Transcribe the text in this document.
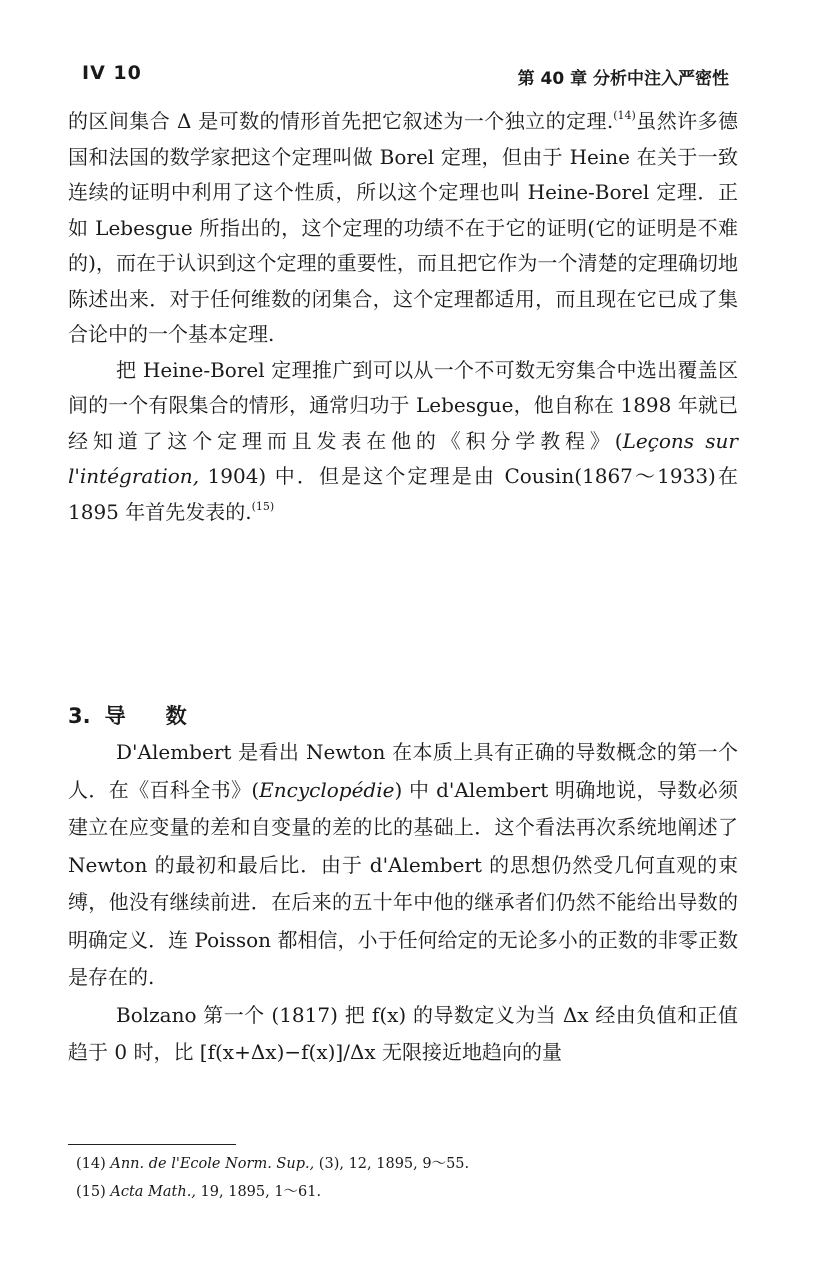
IV 10	第 40 章 分析中注入严密性

的区间集合 Δ 是可数的情形首先把它叙述为一个独立的定理.$^{(14)}$虽然许多德国和法国的数学家把这个定理叫做 Borel 定理，但由于 Heine 在关于一致连续的证明中利用了这个性质，所以这个定理也叫 Heine-Borel 定理．正如 Lebesgue 所指出的，这个定理的功绩不在于它的证明(它的证明是不难的)，而在于认识到这个定理的重要性，而且把它作为一个清楚的定理确切地陈述出来．对于任何维数的闭集合，这个定理都适用，而且现在它已成了集合论中的一个基本定理.

把 Heine-Borel 定理推广到可以从一个不可数无穷集合中选出覆盖区间的一个有限集合的情形，通常归功于 Lebesgue，他自称在 1898 年就已经知道了这个定理而且发表在他的《积分学教程》(Leçons sur l'intégration, 1904) 中．但是这个定理是由 Cousin(1867～1933)在 1895 年首先发表的.$^{(15)}$

3. 导 数

D'Alembert 是看出 Newton 在本质上具有正确的导数概念的第一个人．在《百科全书》(Encyclopédie) 中 d'Alembert 明确地说，导数必须建立在应变量的差和自变量的差的比的基础上．这个看法再次系统地阐述了 Newton 的最初和最后比．由于 d'Alembert 的思想仍然受几何直观的束缚，他没有继续前进．在后来的五十年中他的继承者们仍然不能给出导数的明确定义．连 Poisson 都相信，小于任何给定的无论多小的正数的非零正数是存在的.

Bolzano 第一个 (1817) 把 f(x) 的导数定义为当 Δx 经由负值和正值趋于 0 时，比 [f(x+Δx)−f(x)]/Δx 无限接近地趋向的量

(14) Ann. de l'Ecole Norm. Sup., (3), 12, 1895, 9～55.
(15) Acta Math., 19, 1895, 1～61.
